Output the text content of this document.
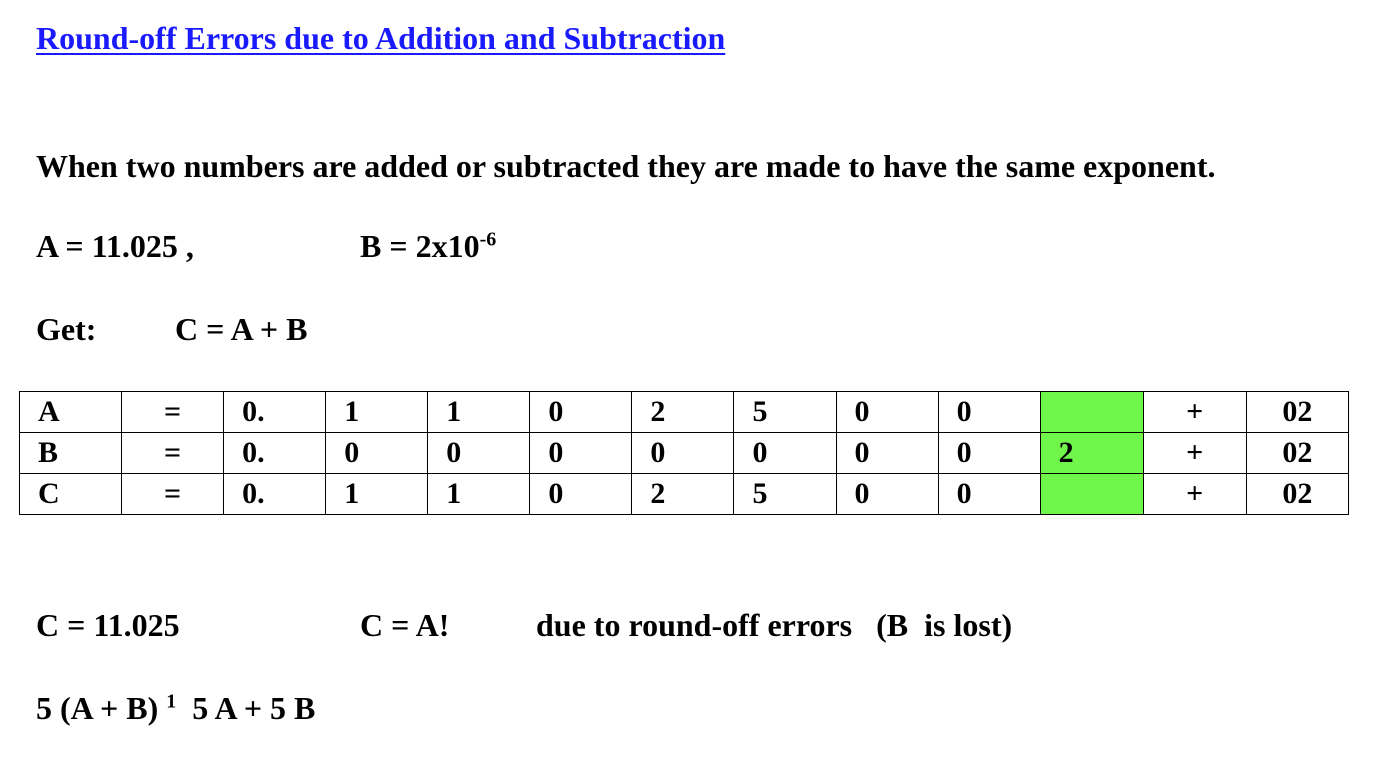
Round-off Errors due to Addition and Subtraction
When two numbers are added or subtracted they are made to have the same exponent.
A = 11.025 ,	$B = 2x10^{-6}$
Get: C = A + B
A	=	0.	1	1	0	2	5	0	0		+	02
B	=	0.	0	0	0	0	0	0	0	2	+	02
C	=	0.	1	1	0	2	5	0	0		+	02
C = 11.025	C = A!	due to round-off errors   (B  is lost)
5 (A + B) $^1$ 5 A + 5 B
